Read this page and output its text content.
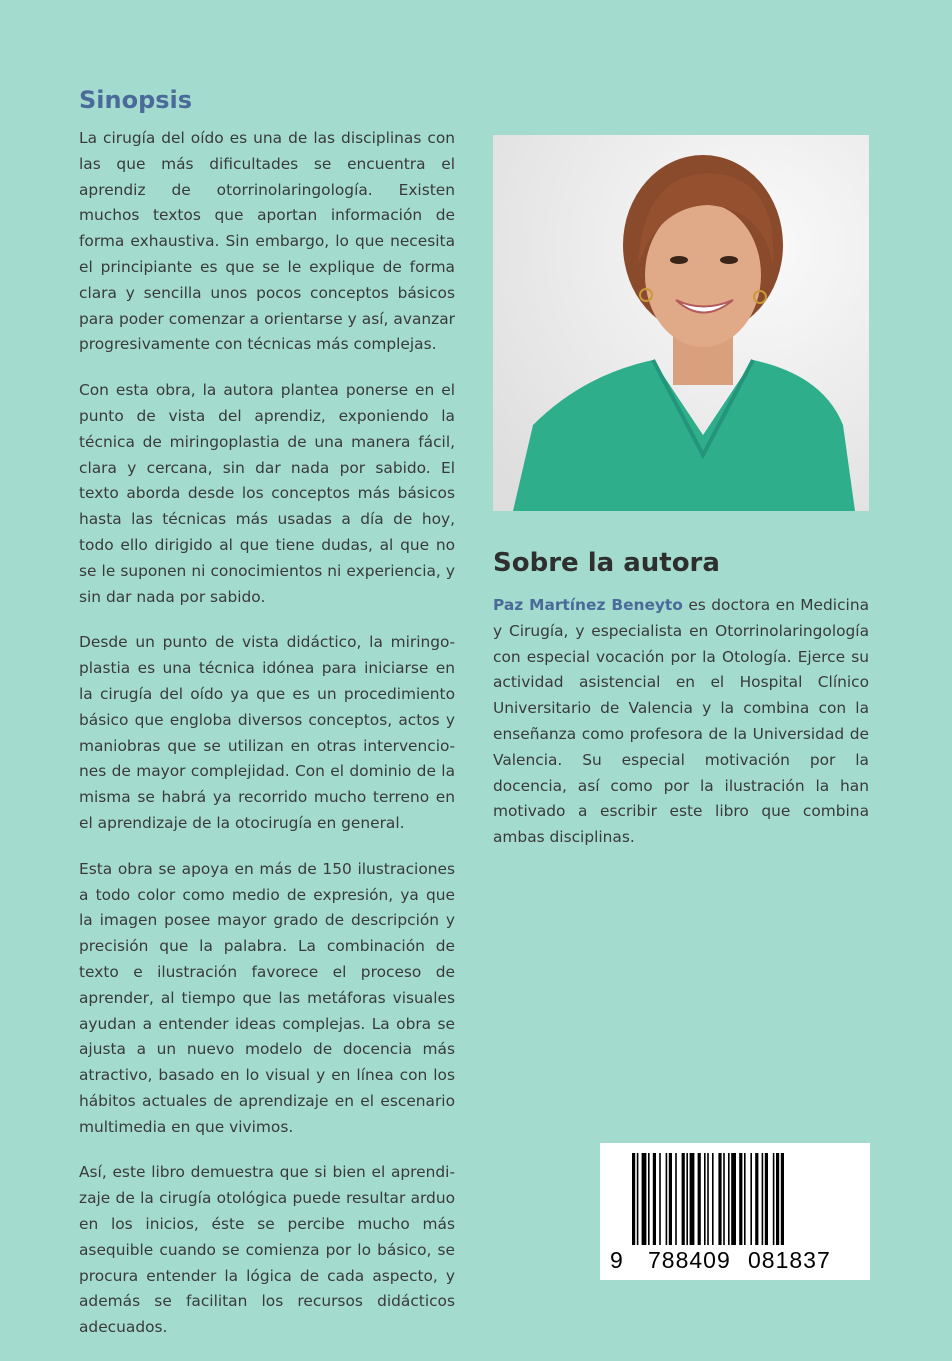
Sinopsis

La cirugía del oído es una de las disciplinas con las que más dificultades se encuentra el aprendiz de otorrinolaringología. Existen muchos textos que aportan información de forma exhaustiva. Sin embargo, lo que necesita el principiante es que se le explique de forma clara y sencilla unos pocos conceptos básicos para poder comenzar a orientarse y así, avanzar progresivamente con técnicas más complejas.

Con esta obra, la autora plantea ponerse en el punto de vista del aprendiz, exponiendo la técnica de miringoplastia de una manera fácil, clara y cercana, sin dar nada por sabido. El texto aborda desde los conceptos más básicos hasta las técnicas más usadas a día de hoy, todo ello dirigido al que tiene dudas, al que no se le suponen ni conocimientos ni experiencia, y sin dar nada por sabido.

Desde un punto de vista didáctico, la miringoplastia es una técnica idónea para iniciarse en la cirugía del oído ya que es un procedimiento básico que engloba diversos conceptos, actos y maniobras que se utilizan en otras intervenciones de mayor complejidad. Con el dominio de la misma se habrá ya recorrido mucho terreno en el aprendizaje de la otocirugía en general.

Esta obra se apoya en más de 150 ilustraciones a todo color como medio de expresión, ya que la imagen posee mayor grado de descripción y precisión que la palabra. La combinación de texto e ilustración favorece el proceso de aprender, al tiempo que las metáforas visuales ayudan a entender ideas complejas. La obra se ajusta a un nuevo modelo de docencia más atractivo, basado en lo visual y en línea con los hábitos actuales de aprendizaje en el escenario multimedia en que vivimos.

Así, este libro demuestra que si bien el aprendizaje de la cirugía otológica puede resultar arduo en los inicios, éste se percibe mucho más asequible cuando se comienza por lo básico, se procura entender la lógica de cada aspecto, y además se facilitan los recursos didácticos adecuados.

Sobre la autora

Paz Martínez Beneyto es doctora en Medicina y Cirugía, y especialista en Otorrinolaringología con especial vocación por la Otología. Ejerce su actividad asistencial en el Hospital Clínico Universitario de Valencia y la combina con la enseñanza como profesora de la Universidad de Valencia. Su especial motivación por la docencia, así como por la ilustración la han motivado a escribir este libro que combina ambas disciplinas.

9 788409 081837
